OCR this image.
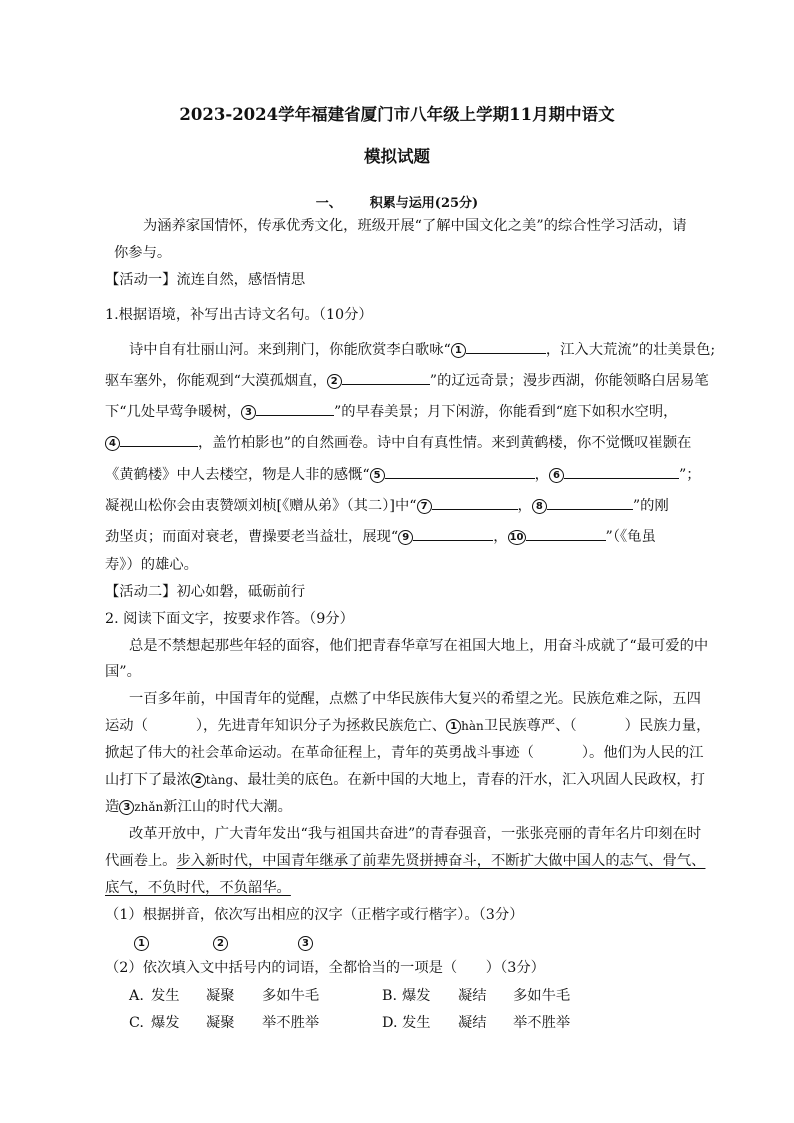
2023-2024学年福建省厦门市八年级上学期11月期中语文
模拟试题
一、 积累与运用(25分)
为涵养家国情怀，传承优秀文化，班级开展“了解中国文化之美”的综合性学习活动，请
你参与。
【活动一】流连自然，感悟情思
1.根据语境，补写出古诗文名句。（10分）
诗中自有壮丽山河。来到荆门，你能欣赏李白歌咏“ 1	，江入大荒流”的壮美景色;
驱车塞外，你能观到“大漠孤烟直， 2	”的辽远奇景；漫步西湖，你能领略白居易笔
下“几处早莺争暖树， 3	”的早春美景；月下闲游，你能看到“庭下如积水空明，
4	，盖竹柏影也”的自然画卷。诗中自有真性情。来到黄鹤楼，你不觉慨叹崔颢在
《黄鹤楼》中人去楼空，物是人非的感慨“ 5	， 6	”；
凝视山松你会由衷赞颂刘桢[《赠从弟》（其二）]中“ 7	， 8	”的刚
劲坚贞；而面对衰老，曹操要老当益壮，展现“ 9	， 10	”（《龟虽
寿》）的雄心。
【活动二】初心如磐，砥砺前行
2. 阅读下面文字，按要求作答。（9分）
总是不禁想起那些年轻的面容，他们把青春华章写在祖国大地上，用奋斗成就了“最可爱的中
国”。
一百多年前，中国青年的觉醒，点燃了中华民族伟大复兴的希望之光。民族危难之际，五四
运动（	），先进青年知识分子为拯救民族危亡、 1 hàn卫民族尊严、（	）民族力量，
掀起了伟大的社会革命运动。在革命征程上，青年的英勇战斗事迹（	）。他们为人民的江
山打下了最浓 2 tàng、最壮美的底色。在新中国的大地上，青春的汗水，汇入巩固人民政权，打
造 3 zhǎn新江山的时代大潮。
改革开放中，广大青年发出“我与祖国共奋进”的青春强音，一张张亮丽的青年名片印刻在时
代画卷上。步入新时代，中国青年继承了前辈先贤拼搏奋斗，不断扩大做中国人的志气、骨气、
底气，不负时代，不负韶华。
（1）根据拼音，依次写出相应的汉字（正楷字或行楷字）。（3分）
1	2	3
（2）依次填入文中括号内的词语，全都恰当的一项是（　　）（3分）
A. 发生 凝聚 多如牛毛	B. 爆发 凝结 多如牛毛
C. 爆发 凝聚 举不胜举	D. 发生 凝结 举不胜举
